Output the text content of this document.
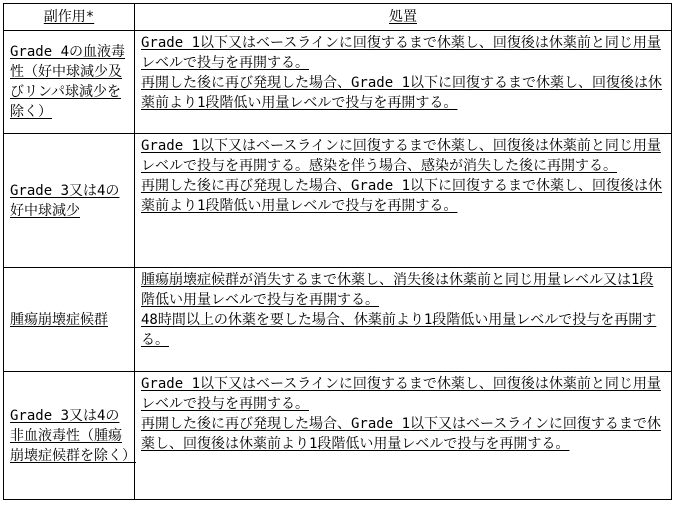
副作用*	処置

Grade 4の血液毒性（好中球減少及びリンパ球減少を除く）	Grade 1以下又はベースラインに回復するまで休薬し、回復後は休薬前と同じ用量レベルで投与を再開する。

再開した後に再び発現した場合、Grade 1以下に回復するまで休薬し、回復後は休薬前より1段階低い用量レベルで投与を再開する。

Grade 3又は4の好中球減少	Grade 1以下又はベースラインに回復するまで休薬し、回復後は休薬前と同じ用量レベルで投与を再開する。感染を伴う場合、感染が消失した後に再開する。

再開した後に再び発現した場合、Grade 1以下に回復するまで休薬し、回復後は休薬前より1段階低い用量レベルで投与を再開する。

腫瘍崩壊症候群	腫瘍崩壊症候群が消失するまで休薬し、消失後は休薬前と同じ用量レベル又は1段階低い用量レベルで投与を再開する。

48時間以上の休薬を要した場合、休薬前より1段階低い用量レベルで投与を再開する。

Grade 3又は4の非血液毒性（腫瘍崩壊症候群を除く）	Grade 1以下又はベースラインに回復するまで休薬し、回復後は休薬前と同じ用量レベルで投与を再開する。

再開した後に再び発現した場合、Grade 1以下又はベースラインに回復するまで休薬し、回復後は休薬前より1段階低い用量レベルで投与を再開する。
